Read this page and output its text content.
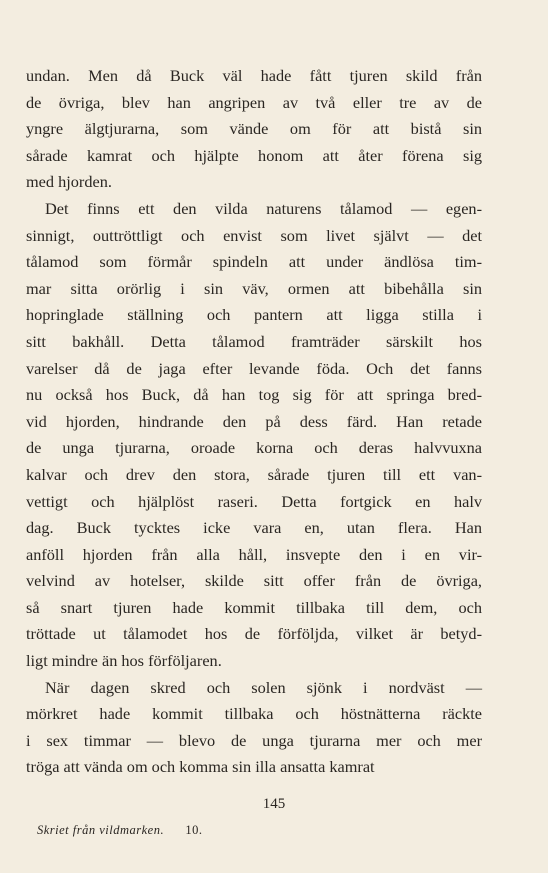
undan. Men då Buck väl hade fått tjuren skild från
de övriga, blev han angripen av två eller tre av de
yngre älgtjurarna, som vände om för att bistå sin
sårade kamrat och hjälpte honom att åter förena sig
med hjorden.
Det finns ett den vilda naturens tålamod — egen-
sinnigt, outtröttligt och envist som livet självt — det
tålamod som förmår spindeln att under ändlösa tim-
mar sitta orörlig i sin väv, ormen att bibehålla sin
hopringlade ställning och pantern att ligga stilla i
sitt bakhåll. Detta tålamod framträder särskilt hos
varelser då de jaga efter levande föda. Och det fanns
nu också hos Buck, då han tog sig för att springa bred-
vid hjorden, hindrande den på dess färd. Han retade
de unga tjurarna, oroade korna och deras halvvuxna
kalvar och drev den stora, sårade tjuren till ett van-
vettigt och hjälplöst raseri. Detta fortgick en halv
dag. Buck tycktes icke vara en, utan flera. Han
anföll hjorden från alla håll, insvepte den i en vir-
velvind av hotelser, skilde sitt offer från de övriga,
så snart tjuren hade kommit tillbaka till dem, och
tröttade ut tålamodet hos de förföljda, vilket är betyd-
ligt mindre än hos förföljaren.
När dagen skred och solen sjönk i nordväst —
mörkret hade kommit tillbaka och höstnätterna räckte
i sex timmar — blevo de unga tjurarna mer och mer
tröga att vända om och komma sin illa ansatta kamrat
145
Skriet från vildmarken. 10.
